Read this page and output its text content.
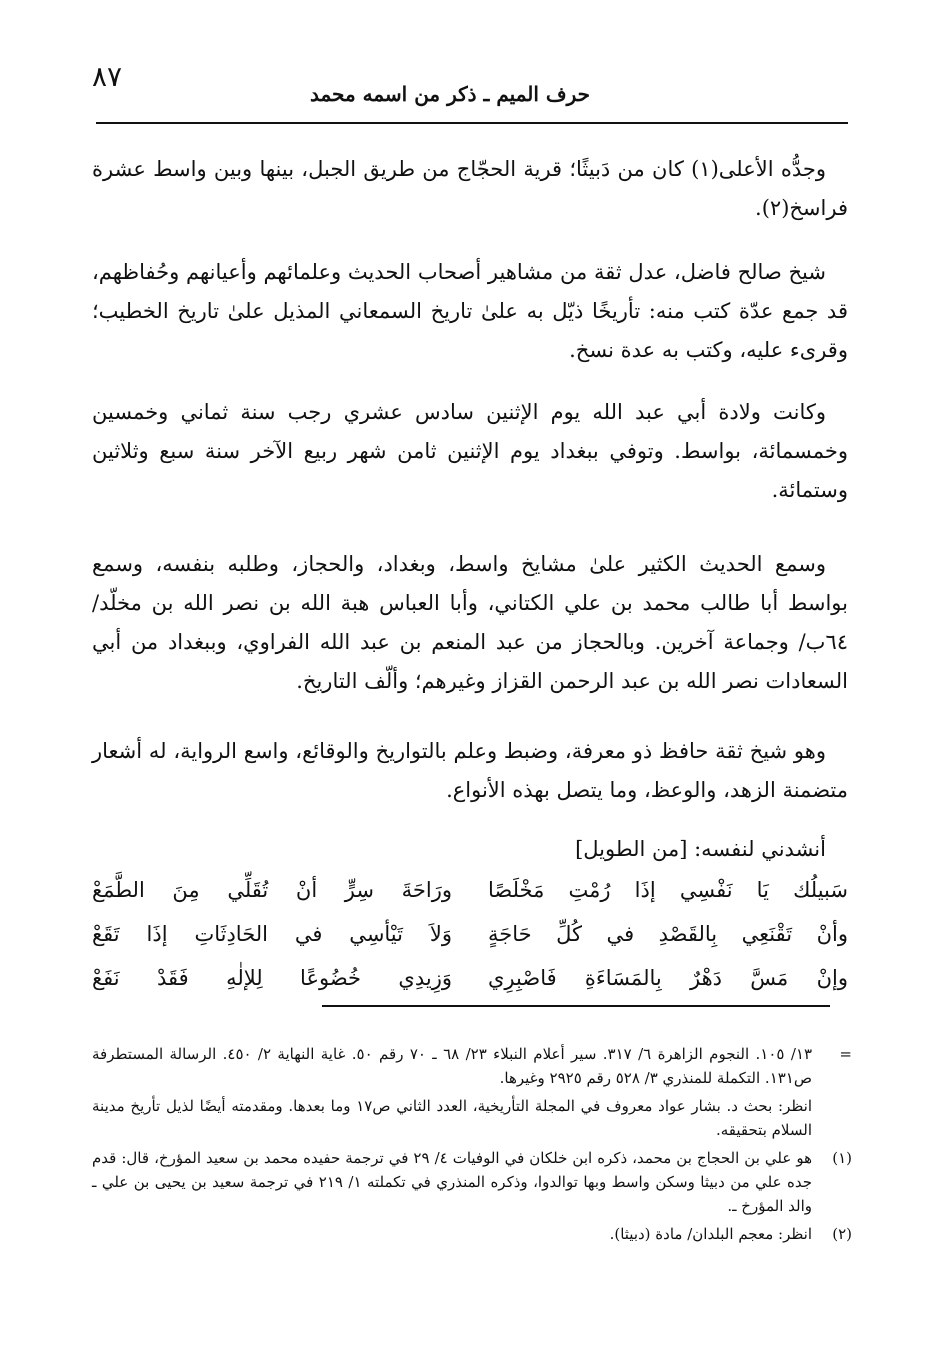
٨٧
حرف الميم ـ ذكر من اسمه محمد

وجدُّه الأعلى(١) كان من دَبيثًا؛ قرية الحجّاج من طريق الجبل، بينها وبين واسط عشرة فراسخ(٢).

شيخ صالح فاضل، عدل ثقة من مشاهير أصحاب الحديث وعلمائهم وأعيانهم وحُفاظهم، قد جمع عدّة كتب منه: تأريخًا ذيّل به علىٰ تاريخ السمعاني المذيل علىٰ تاريخ الخطيب؛ وقرىء عليه، وكتب به عدة نسخ.

وكانت ولادة أبي عبد الله يوم الإثنين سادس عشري رجب سنة ثماني وخمسين وخمسمائة، بواسط. وتوفي ببغداد يوم الإثنين ثامن شهر ربيع الآخر سنة سبع وثلاثين وستمائة.

وسمع الحديث الكثير علىٰ مشايخ واسط، وبغداد، والحجاز، وطلبه بنفسه، وسمع بواسط أبا طالب محمد بن علي الكتاني، وأبا العباس هبة الله بن نصر الله بن مخلّد/ ٦٤ب/ وجماعة آخرين. وبالحجاز من عبد المنعم بن عبد الله الفراوي، وببغداد من أبي السعادات نصر الله بن عبد الرحمن القزاز وغيرهم؛ وألّف التاريخ.

وهو شيخ ثقة حافظ ذو معرفة، وضبط وعلم بالتواريخ والوقائع، واسع الرواية، له أشعار متضمنة الزهد، والوعظ، وما يتصل بهذه الأنواع.

أنشدني لنفسه: [من الطويل]

سَبيلُك يَا نَفْسِي إذَا رُمْتِ مَخْلَصًا
ورَاحَةَ سِرٍّ أنْ تُقَلِّي مِنَ الطَّمَعْ
وأنْ تَقْنَعِي بِالقَصْدِ في كُلِّ حَاجَةٍ
وَلاَ تَيْأسِي في الحَادِثَاتِ إذَا تَقَعْ
وإنْ مَسَّ دَهْرٌ بِالمَسَاءَةِ فَاصْبِرِي
وَزِيدِي خُضُوعًا لِلإلٰهِ فَقَدْ نَفَعْ
=
١٣/ ١٠٥. النجوم الزاهرة ٦/ ٣١٧. سير أعلام النبلاء ٢٣/ ٦٨ ـ ٧٠ رقم ٥٠. غاية النهاية ٢/ ٤٥٠. الرسالة المستطرفة ص١٣١. التكملة للمنذري ٣/ ٥٢٨ رقم ٢٩٢٥ وغيرها.
انظر: بحث د. بشار عواد معروف في المجلة التأريخية، العدد الثاني ص١٧ وما بعدها. ومقدمته أيضًا لذيل تأريخ مدينة السلام بتحقيقه.
(١)
هو علي بن الحجاج بن محمد، ذكره ابن خلكان في الوفيات ٤/ ٢٩ في ترجمة حفيده محمد بن سعيد المؤرخ، قال: قدم جده علي من دبيثا وسكن واسط وبها توالدوا، وذكره المنذري في تكملته ١/ ٢١٩ في ترجمة سعيد بن يحيى بن علي ـ والد المؤرخ ـ.
(٢)
انظر: معجم البلدان/ مادة (دبيثا).
